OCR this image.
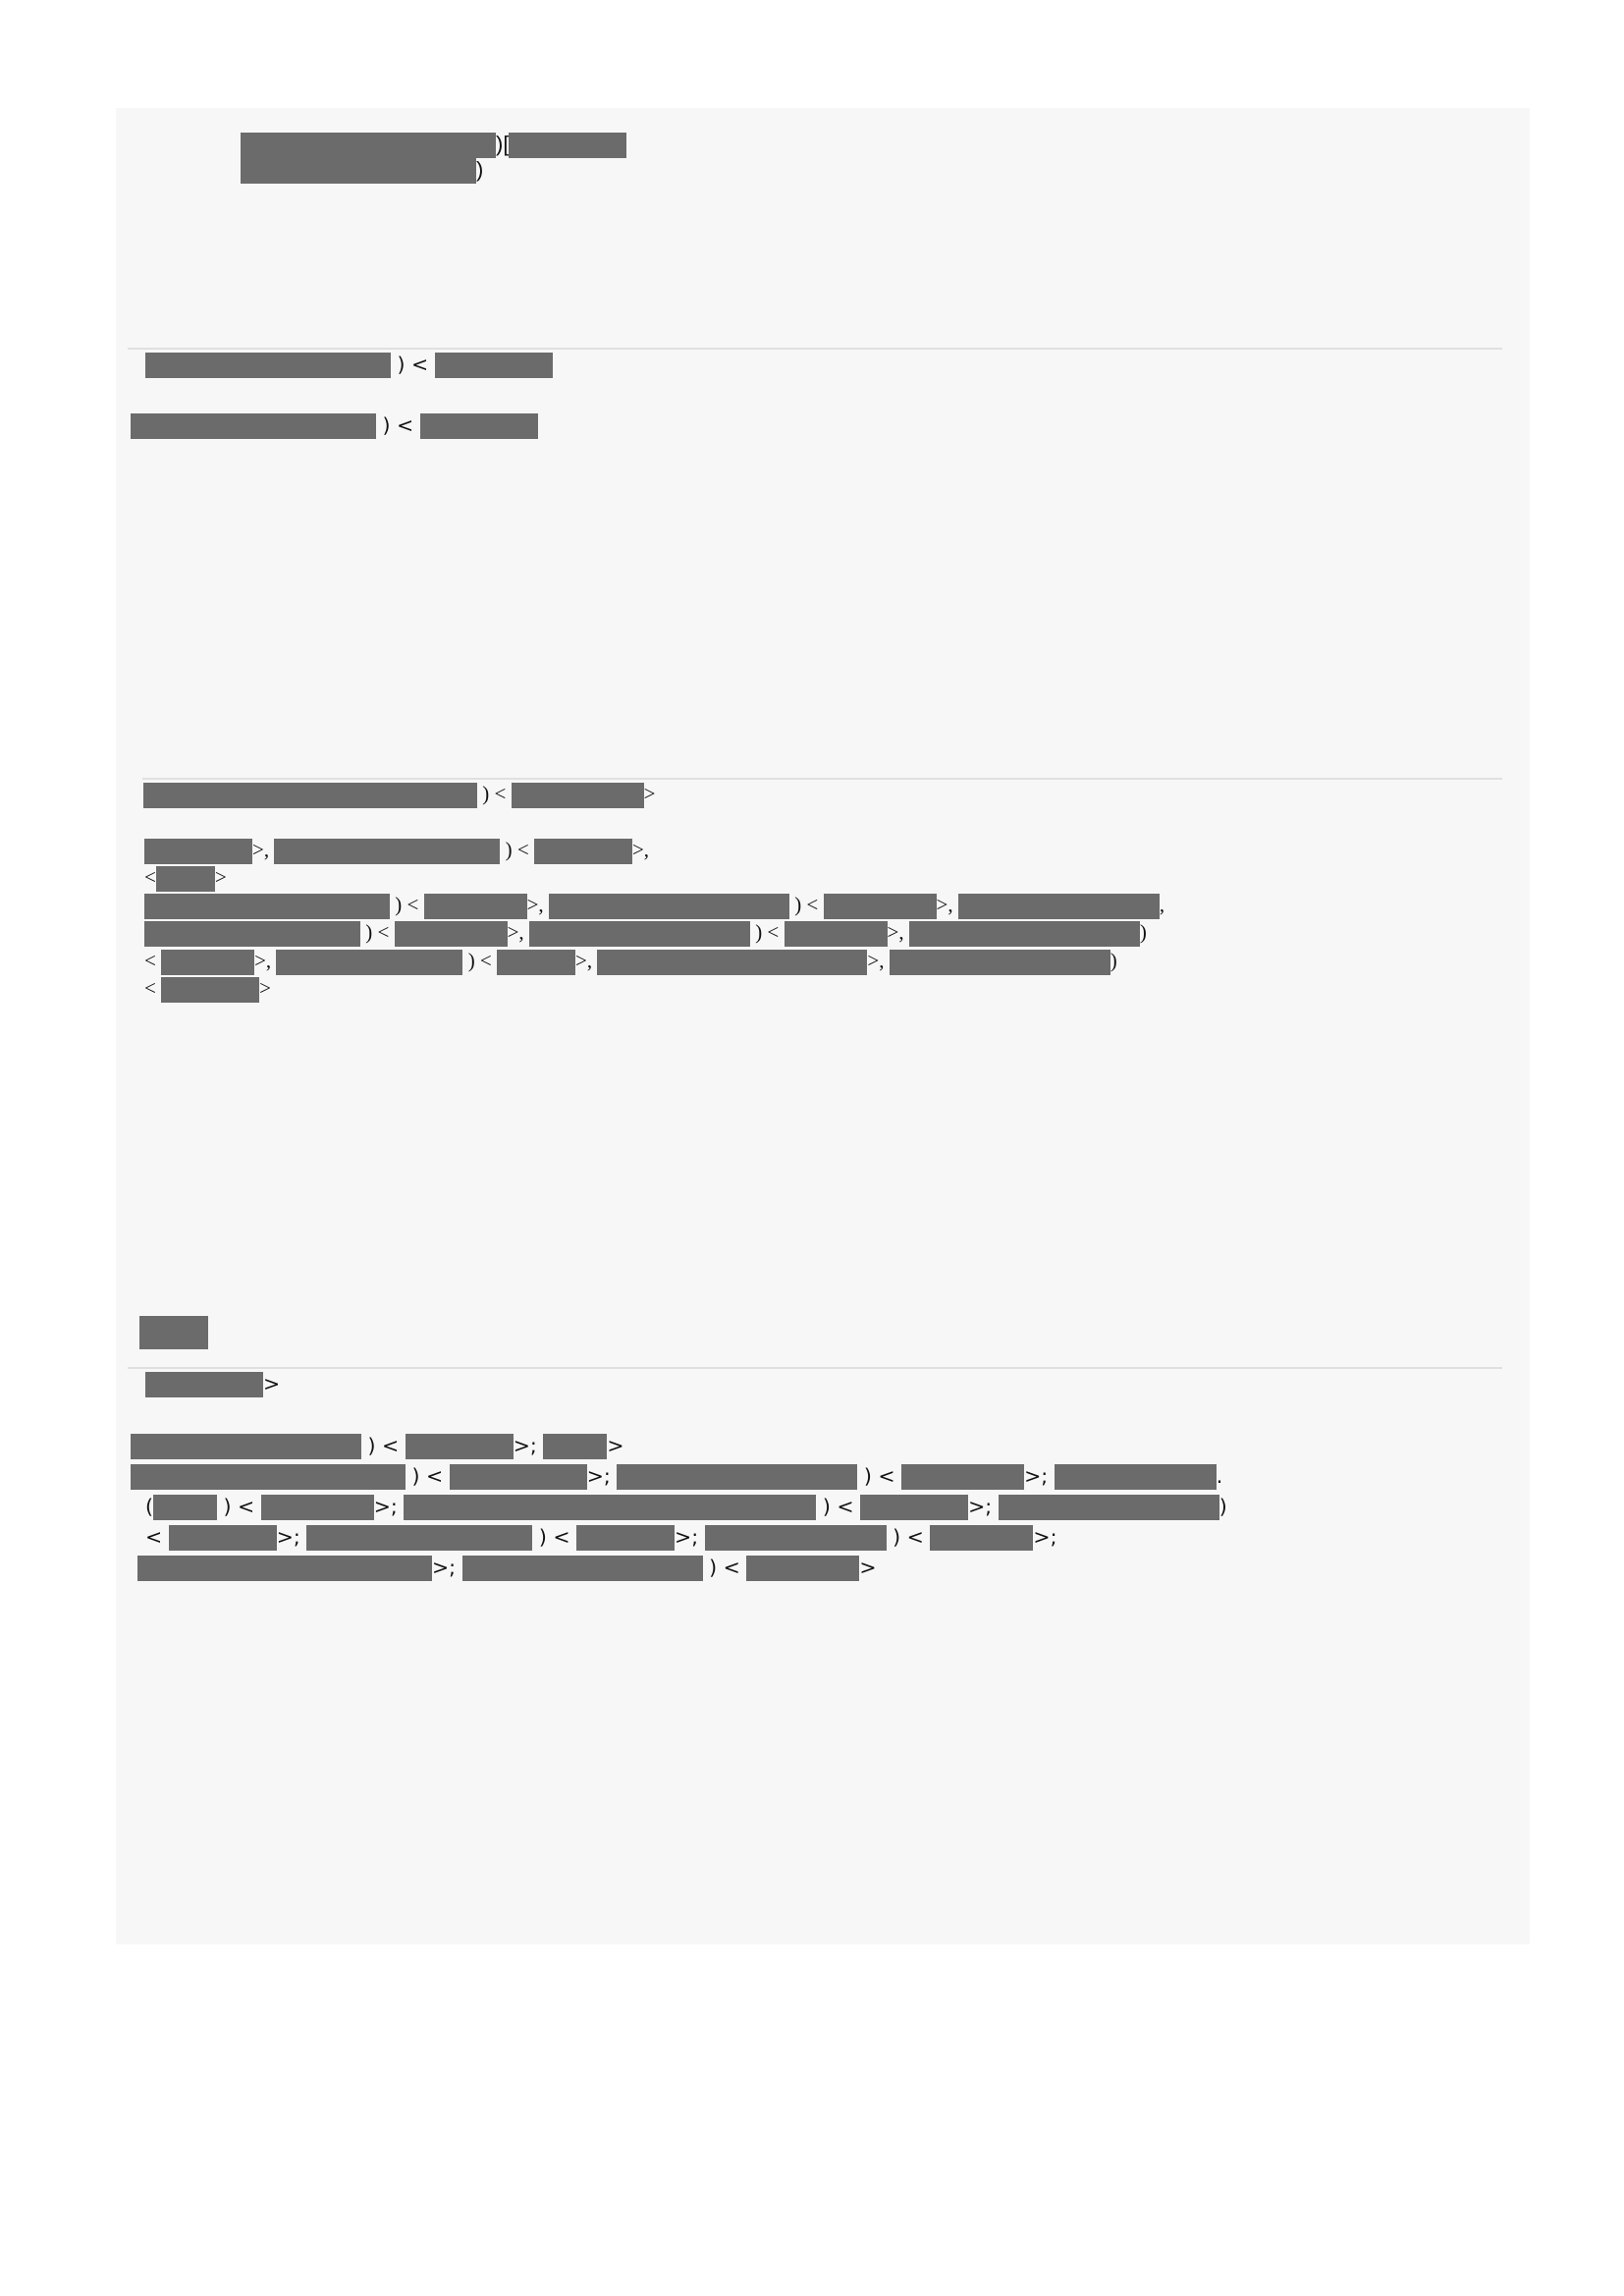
)[
)
) <
) <
) <	>
>,	) <	>,
<	>
) <	>,	) <	>,	,
) <	>,	) <	>,	)
<	>,	) <	>,	>,	)
<	>
>
) <	>;	>
) <	>;	) <	>;	.
(	) <	>;	) <	>;	)
<	>;	) <	>;	) <	>;
>;	) <	>
